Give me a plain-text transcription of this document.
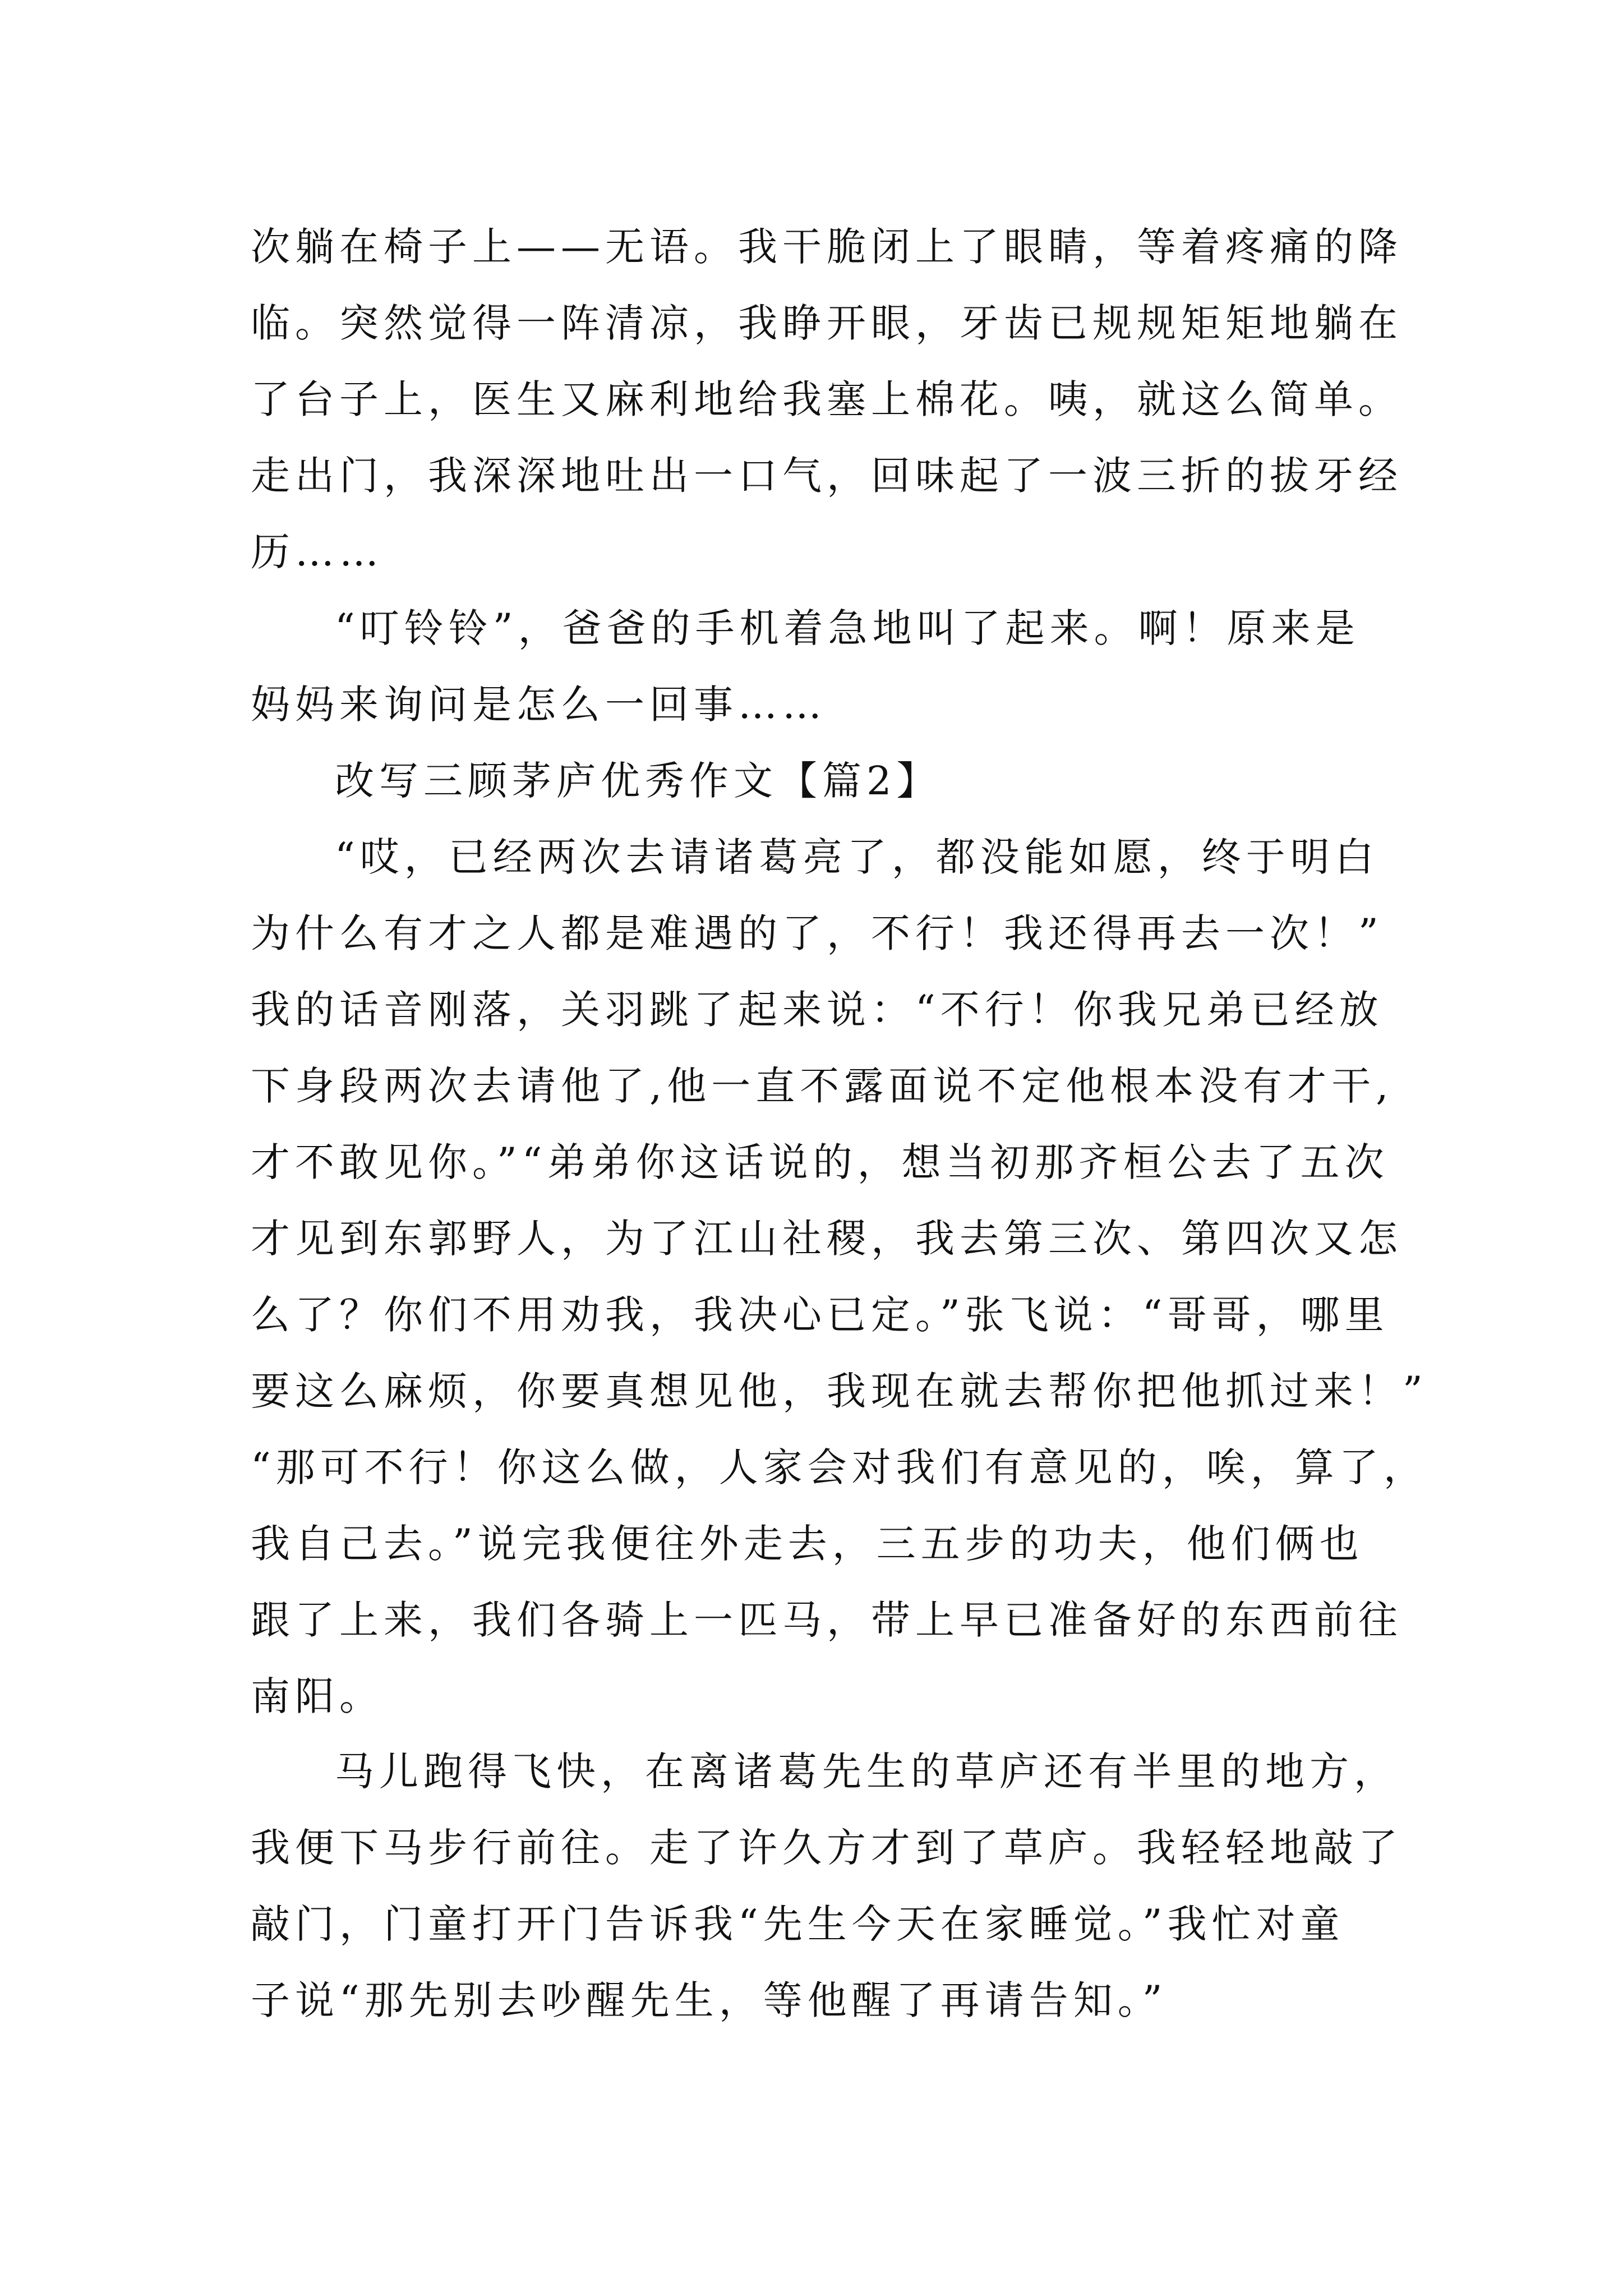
次躺在椅子上——无语。我干脆闭上了眼睛，等着疼痛的降
临。突然觉得一阵清凉，我睁开眼，牙齿已规规矩矩地躺在
了台子上，医生又麻利地给我塞上棉花。咦，就这么简单。
走出门，我深深地吐出一口气，回味起了一波三折的拔牙经
历……
“叮铃铃”，爸爸的手机着急地叫了起来。啊！原来是
妈妈来询问是怎么一回事……
改写三顾茅庐优秀作文【篇2】
“哎，已经两次去请诸葛亮了，都没能如愿，终于明白
为什么有才之人都是难遇的了，不行！我还得再去一次！”
我的话音刚落，关羽跳了起来说：“不行！你我兄弟已经放
下身段两次去请他了,他一直不露面说不定他根本没有才干,
才不敢见你。”“弟弟你这话说的，想当初那齐桓公去了五次
才见到东郭野人，为了江山社稷，我去第三次、第四次又怎
么了？你们不用劝我，我决心已定。”张飞说：“哥哥，哪里
要这么麻烦，你要真想见他，我现在就去帮你把他抓过来！”
“那可不行！你这么做，人家会对我们有意见的，唉，算了，
我自己去。”说完我便往外走去，三五步的功夫，他们俩也
跟了上来，我们各骑上一匹马，带上早已准备好的东西前往
南阳。
马儿跑得飞快，在离诸葛先生的草庐还有半里的地方，
我便下马步行前往。走了许久方才到了草庐。我轻轻地敲了
敲门，门童打开门告诉我“先生今天在家睡觉。”我忙对童
子说“那先别去吵醒先生，等他醒了再请告知。”
